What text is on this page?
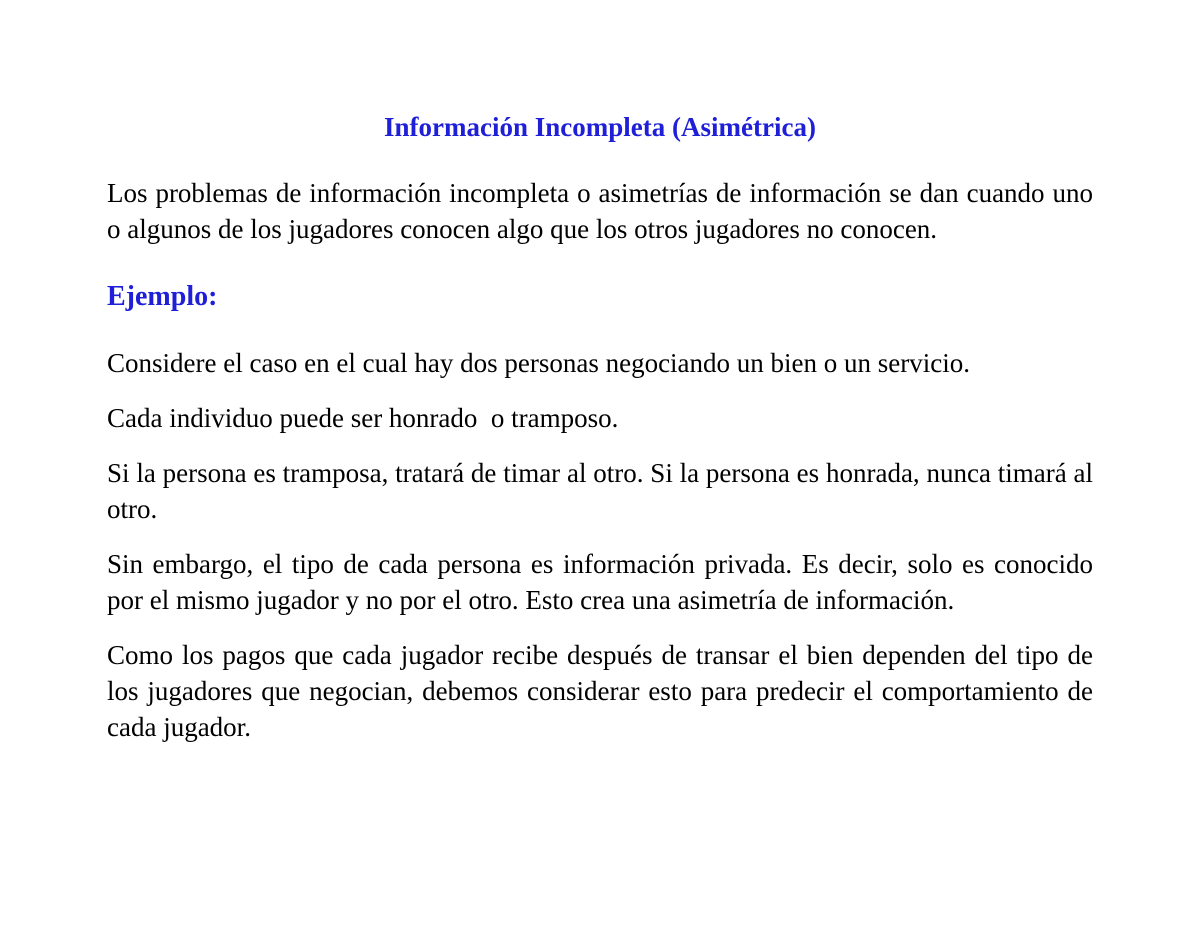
Información Incompleta (Asimétrica)

Los problemas de información incompleta o asimetrías de información se dan cuando uno o algunos de los jugadores conocen algo que los otros jugadores no conocen.

Ejemplo:

Considere el caso en el cual hay dos personas negociando un bien o un servicio.

Cada individuo puede ser honrado  o tramposo.

Si la persona es tramposa, tratará de timar al otro. Si la persona es honrada, nunca timará al otro.

Sin embargo, el tipo de cada persona es información privada. Es decir, solo es conocido por el mismo jugador y no por el otro. Esto crea una asimetría de información.

Como los pagos que cada jugador recibe después de transar el bien dependen del tipo de los jugadores que negocian, debemos considerar esto para predecir el comportamiento de cada jugador.
